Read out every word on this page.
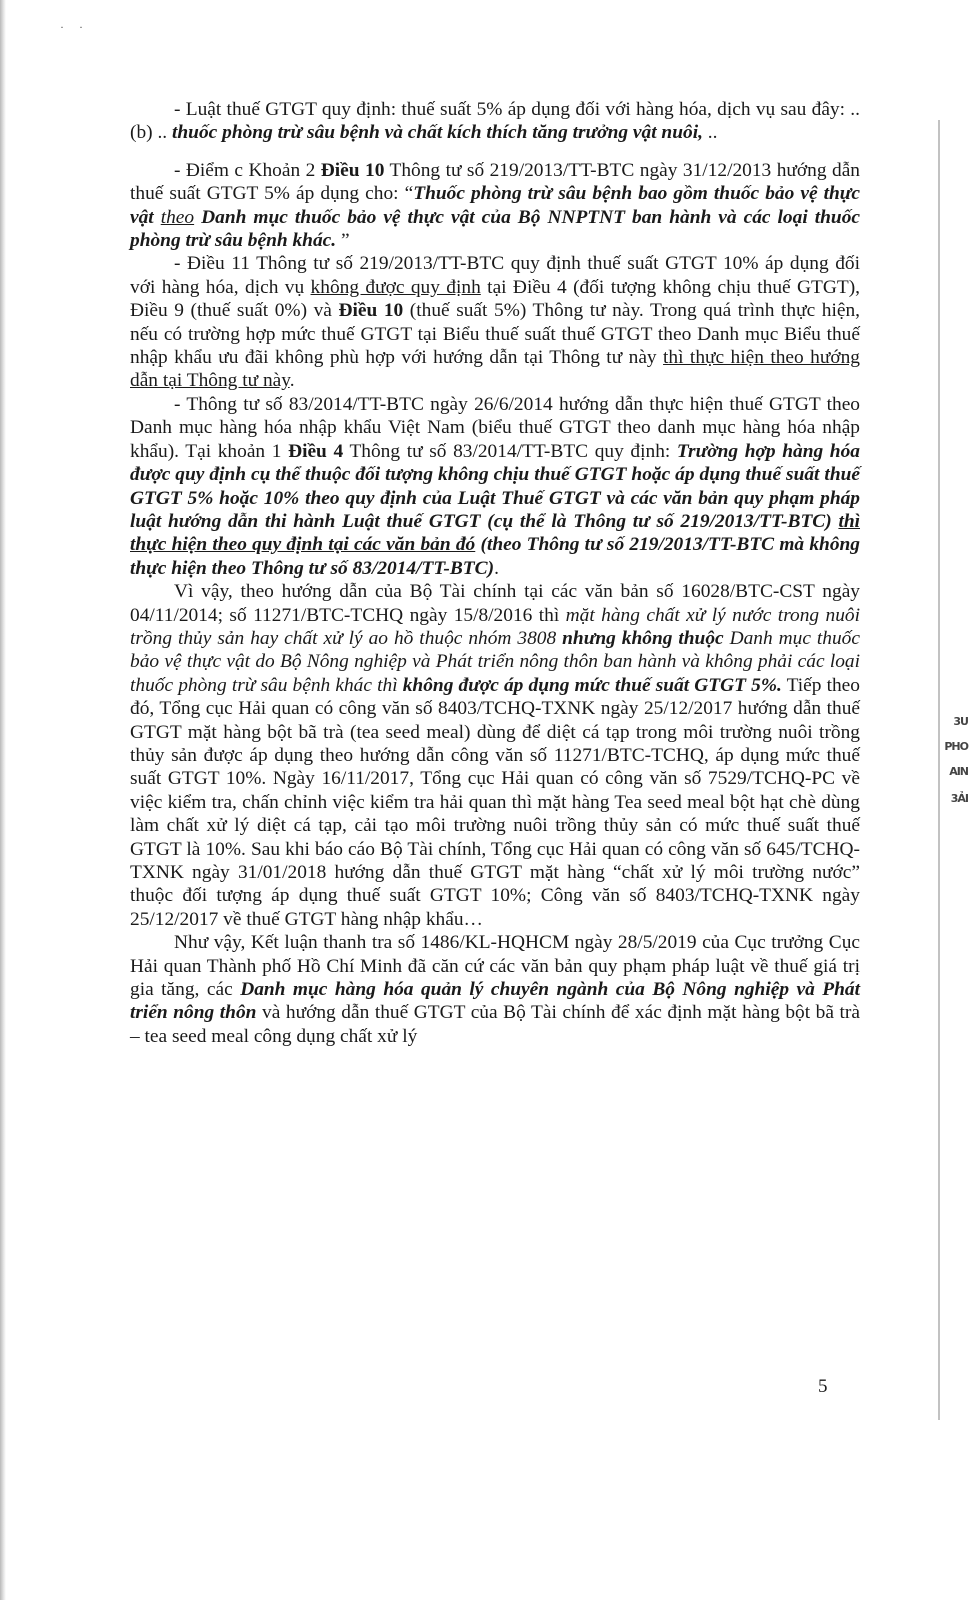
· ·
3U
PHO
AIN
3ẢI

- Luật thuế GTGT quy định: thuế suất 5% áp dụng đối với hàng hóa, dịch vụ sau đây: .. (b) .. thuốc phòng trừ sâu bệnh và chất kích thích tăng trưởng vật nuôi, ..

- Điểm c Khoản 2 Điều 10 Thông tư số 219/2013/TT-BTC ngày 31/12/2013 hướng dẫn thuế suất GTGT 5% áp dụng cho: “Thuốc phòng trừ sâu bệnh bao gồm thuốc bảo vệ thực vật theo Danh mục thuốc bảo vệ thực vật của Bộ NNPTNT ban hành và các loại thuốc phòng trừ sâu bệnh khác. ”

- Điều 11 Thông tư số 219/2013/TT-BTC quy định thuế suất GTGT 10% áp dụng đối với hàng hóa, dịch vụ không được quy định tại Điều 4 (đối tượng không chịu thuế GTGT), Điều 9 (thuế suất 0%) và Điều 10 (thuế suất 5%) Thông tư này. Trong quá trình thực hiện, nếu có trường hợp mức thuế GTGT tại Biểu thuế suất thuế GTGT theo Danh mục Biểu thuế nhập khẩu ưu đãi không phù hợp với hướng dẫn tại Thông tư này thì thực hiện theo hướng dẫn tại Thông tư này.

- Thông tư số 83/2014/TT-BTC ngày 26/6/2014 hướng dẫn thực hiện thuế GTGT theo Danh mục hàng hóa nhập khẩu Việt Nam (biểu thuế GTGT theo danh mục hàng hóa nhập khẩu). Tại khoản 1 Điều 4 Thông tư số 83/2014/TT-BTC quy định: Trường hợp hàng hóa được quy định cụ thể thuộc đối tượng không chịu thuế GTGT hoặc áp dụng thuế suất thuế GTGT 5% hoặc 10% theo quy định của Luật Thuế GTGT và các văn bản quy phạm pháp luật hướng dẫn thi hành Luật thuế GTGT (cụ thể là Thông tư số 219/2013/TT-BTC) thì thực hiện theo quy định tại các văn bản đó (theo Thông tư số 219/2013/TT-BTC mà không thực hiện theo Thông tư số 83/2014/TT-BTC).

Vì vậy, theo hướng dẫn của Bộ Tài chính tại các văn bản số 16028/BTC-CST ngày 04/11/2014; số 11271/BTC-TCHQ ngày 15/8/2016 thì mặt hàng chất xử lý nước trong nuôi trồng thủy sản hay chất xử lý ao hồ thuộc nhóm 3808 nhưng không thuộc Danh mục thuốc bảo vệ thực vật do Bộ Nông nghiệp và Phát triển nông thôn ban hành và không phải các loại thuốc phòng trừ sâu bệnh khác thì không được áp dụng mức thuế suất GTGT 5%. Tiếp theo đó, Tổng cục Hải quan có công văn số 8403/TCHQ-TXNK ngày 25/12/2017 hướng dẫn thuế GTGT mặt hàng bột bã trà (tea seed meal) dùng để diệt cá tạp trong môi trường nuôi trồng thủy sản được áp dụng theo hướng dẫn công văn số 11271/BTC-TCHQ, áp dụng mức thuế suất GTGT 10%. Ngày 16/11/2017, Tổng cục Hải quan có công văn số 7529/TCHQ-PC về việc kiểm tra, chấn chỉnh việc kiểm tra hải quan thì mặt hàng Tea seed meal bột hạt chè dùng làm chất xử lý diệt cá tạp, cải tạo môi trường nuôi trồng thủy sản có mức thuế suất thuế GTGT là 10%. Sau khi báo cáo Bộ Tài chính, Tổng cục Hải quan có công văn số 645/TCHQ-TXNK ngày 31/01/2018 hướng dẫn thuế GTGT mặt hàng “chất xử lý môi trường nước” thuộc đối tượng áp dụng thuế suất GTGT 10%; Công văn số 8403/TCHQ-TXNK ngày 25/12/2017 về thuế GTGT hàng nhập khẩu…

Như vậy, Kết luận thanh tra số 1486/KL-HQHCM ngày 28/5/2019 của Cục trưởng Cục Hải quan Thành phố Hồ Chí Minh đã căn cứ các văn bản quy phạm pháp luật về thuế giá trị gia tăng, các Danh mục hàng hóa quản lý chuyên ngành của Bộ Nông nghiệp và Phát triển nông thôn và hướng dẫn thuế GTGT của Bộ Tài chính để xác định mặt hàng bột bã trà – tea seed meal công dụng chất xử lý

5
